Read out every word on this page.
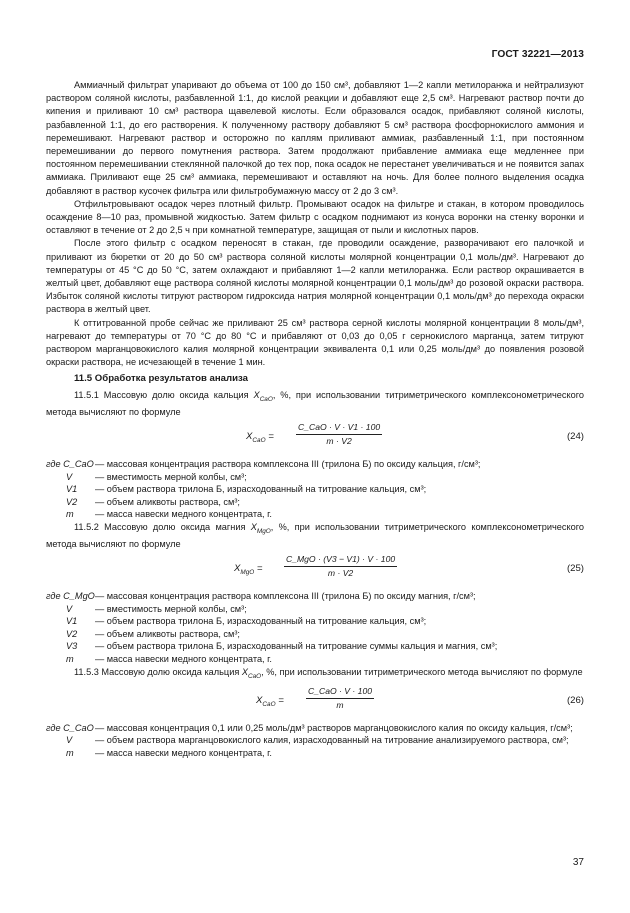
ГОСТ 32221—2013

Аммиачный фильтрат упаривают до объема от 100 до 150 см³, добавляют 1—2 капли метилоранжа и нейтрализуют раствором соляной кислоты, разбавленной 1:1, до кислой реакции и добавляют еще 2,5 см³. Нагревают раствор почти до кипения и приливают 10 см³ раствора щавелевой кислоты. Если образовался осадок, прибавляют соляной кислоты, разбавленной 1:1, до его растворения. К полученному раствору добавляют 5 см³ раствора фосфорнокислого аммония и перемешивают. Нагревают раствор и осторожно по каплям приливают аммиак, разбавленный 1:1, при постоянном перемешивании до первого помутнения раствора. Затем продолжают прибавление аммиака еще медленнее при постоянном перемешивании стеклянной палочкой до тех пор, пока осадок не перестанет увеличиваться и не появится запах аммиака. Приливают еще 25 см³ аммиака, перемешивают и оставляют на ночь. Для более полного выделения осадка добавляют в раствор кусочек фильтра или фильтробумажную массу от 2 до 3 см³.

Отфильтровывают осадок через плотный фильтр. Промывают осадок на фильтре и стакан, в котором проводилось осаждение 8—10 раз, промывной жидкостью. Затем фильтр с осадком поднимают из конуса воронки на стенку воронки и оставляют в течение от 2 до 2,5 ч при комнатной температуре, защищая от пыли и кислотных паров.

После этого фильтр с осадком переносят в стакан, где проводили осаждение, разворачивают его палочкой и приливают из бюретки от 20 до 50 см³ раствора соляной кислоты молярной концентрации 0,1 моль/дм³. Нагревают до температуры от 45 °С до 50 °С, затем охлаждают и прибавляют 1—2 капли метилоранжа. Если раствор окрашивается в желтый цвет, добавляют еще раствора соляной кислоты молярной концентрации 0,1 моль/дм³ до розовой окраски раствора. Избыток соляной кислоты титруют раствором гидроксида натрия молярной концентрации 0,1 моль/дм³ до перехода окраски раствора в желтый цвет.

К оттитрованной пробе сейчас же приливают 25 см³ раствора серной кислоты молярной концентрации 8 моль/дм³, нагревают до температуры от 70 °С до 80 °С и прибавляют от 0,03 до 0,05 г сернокислого марганца, затем титруют раствором марганцовокислого калия молярной концентрации эквивалента 0,1 или 0,25 моль/дм³ до появления розовой окраски раствора, не исчезающей в течение 1 мин.

11.5 Обработка результатов анализа

11.5.1 Массовую долю оксида кальция $X_{CaO}$, %, при использовании титриметрического комплексонометрического метода вычисляют по формуле

$X_{CaO}$ =
C_CaO · V · V1 · 100
m · V2	(24)
где C_CaO — массовая концентрация раствора комплексона III (трилона Б) по оксиду кальция, г/см³;
V	— вместимость мерной колбы, см³;
V1	— объем раствора трилона Б, израсходованный на титрование кальция, см³;
V2	— объем аликвоты раствора, см³;
m	— масса навески медного концентрата, г.

11.5.2 Массовую долю оксида магния $X_{MgO}$, %, при использовании титриметрического комплексонометрического метода вычисляют по формуле

$X_{MgO}$ =
C_MgO · (V3 − V1) · V · 100
m · V2	(25)
где C_MgO — массовая концентрация раствора комплексона III (трилона Б) по оксиду магния, г/см³;
V	— вместимость мерной колбы, см³;
V1	— объем раствора трилона Б, израсходованный на титрование кальция, см³;
V2	— объем аликвоты раствора, см³;
V3	— объем раствора трилона Б, израсходованный на титрование суммы кальция и магния, см³;
m	— масса навески медного концентрата, г.

11.5.3 Массовую долю оксида кальция $X_{CaO}$, %, при использовании титриметрического метода вычисляют по формуле

$X_{CaO}$ =
C_CaO · V · 100
m	(26)
где C_CaO — массовая концентрация 0,1 или 0,25 моль/дм³ растворов марганцовокислого калия по оксиду кальция, г/см³;
V	— объем раствора марганцовокислого калия, израсходованный на титрование анализируемого раствора, см³;
m	— масса навески медного концентрата, г.
37
